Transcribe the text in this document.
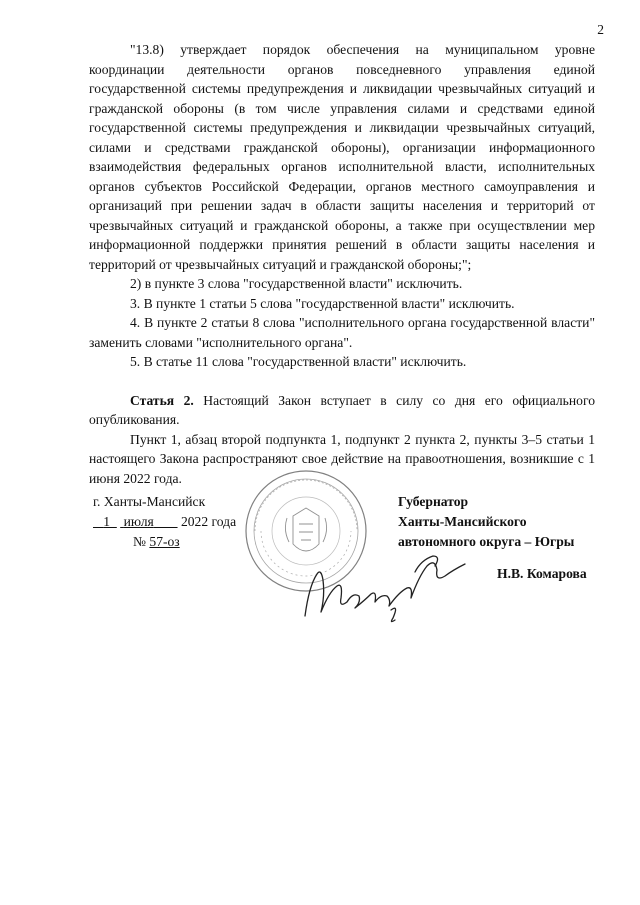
2

"13.8) утверждает порядок обеспечения на муниципальном уровне координации деятельности органов повседневного управления единой государственной системы предупреждения и ликвидации чрезвычайных ситуаций и гражданской обороны (в том числе управления силами и средствами единой государственной системы предупреждения и ликвидации чрезвычайных ситуаций, силами и средствами гражданской обороны), организации информационного взаимодействия федеральных органов исполнительной власти, исполнительных органов субъектов Российской Федерации, органов местного самоуправления и организаций при решении задач в области защиты населения и территорий от чрезвычайных ситуаций и гражданской обороны, а также при осуществлении мер информационной поддержки принятия решений в области защиты населения и территорий от чрезвычайных ситуаций и гражданской обороны;";

2) в пункте 3 слова "государственной власти" исключить.

3. В пункте 1 статьи 5 слова "государственной власти" исключить.

4. В пункте 2 статьи 8 слова "исполнительного органа государственной власти" заменить словами "исполнительного органа".

5. В статье 11 слова "государственной власти" исключить.

Статья 2. Настоящий Закон вступает в силу со дня его официального опубликования.

Пункт 1, абзац второй подпункта 1, подпункт 2 пункта 2, пункты 3–5 статьи 1 настоящего Закона распространяют свое действие на правоотношения, возникшие с 1 июня 2022 года.

г. Ханты-Мансийск
1 июля 2022 года
№ 57-оз
Губернатор
Ханты-Мансийского
автономного округа – Югры
Н.В. Комарова
